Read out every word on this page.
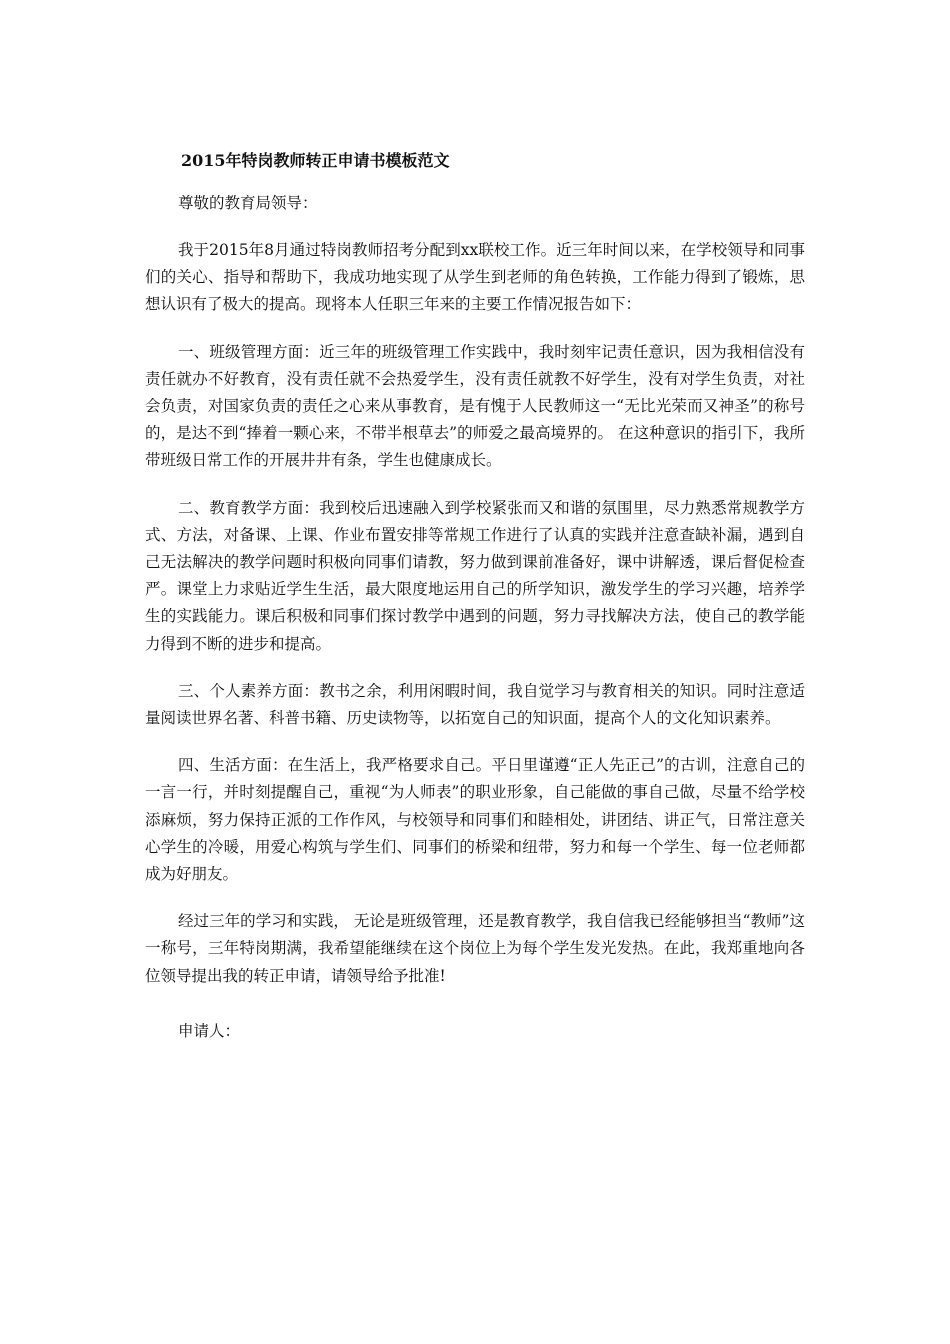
2015年特岗教师转正申请书模板范文

尊敬的教育局领导：

我于2015年8月通过特岗教师招考分配到xx联校工作。近三年时间以来，在学校领导和同事们的关心、指导和帮助下，我成功地实现了从学生到老师的角色转换，工作能力得到了锻炼，思想认识有了极大的提高。现将本人任职三年来的主要工作情况报告如下：

一、班级管理方面：近三年的班级管理工作实践中，我时刻牢记责任意识，因为我相信没有责任就办不好教育，没有责任就不会热爱学生，没有责任就教不好学生，没有对学生负责，对社会负责，对国家负责的责任之心来从事教育，是有愧于人民教师这一“无比光荣而又神圣”的称号的，是达不到“捧着一颗心来，不带半根草去”的师爱之最高境界的。 在这种意识的指引下，我所带班级日常工作的开展井井有条，学生也健康成长。

二、教育教学方面：我到校后迅速融入到学校紧张而又和谐的氛围里，尽力熟悉常规教学方式、方法，对备课、上课、作业布置安排等常规工作进行了认真的实践并注意查缺补漏，遇到自己无法解决的教学问题时积极向同事们请教，努力做到课前准备好，课中讲解透，课后督促检查严。课堂上力求贴近学生生活，最大限度地运用自己的所学知识，激发学生的学习兴趣，培养学生的实践能力。课后积极和同事们探讨教学中遇到的问题，努力寻找解决方法，使自己的教学能力得到不断的进步和提高。

三、个人素养方面：教书之余，利用闲暇时间，我自觉学习与教育相关的知识。同时注意适量阅读世界名著、科普书籍、历史读物等，以拓宽自己的知识面，提高个人的文化知识素养。

四、生活方面：在生活上，我严格要求自己。平日里谨遵“正人先正己”的古训，注意自己的一言一行，并时刻提醒自己，重视“为人师表”的职业形象，自己能做的事自己做，尽量不给学校添麻烦，努力保持正派的工作作风，与校领导和同事们和睦相处，讲团结、讲正气，日常注意关心学生的冷暖，用爱心构筑与学生们、同事们的桥梁和纽带，努力和每一个学生、每一位老师都成为好朋友。

经过三年的学习和实践， 无论是班级管理，还是教育教学，我自信我已经能够担当“教师”这一称号，三年特岗期满，我希望能继续在这个岗位上为每个学生发光发热。在此，我郑重地向各位领导提出我的转正申请，请领导给予批准!

申请人：
